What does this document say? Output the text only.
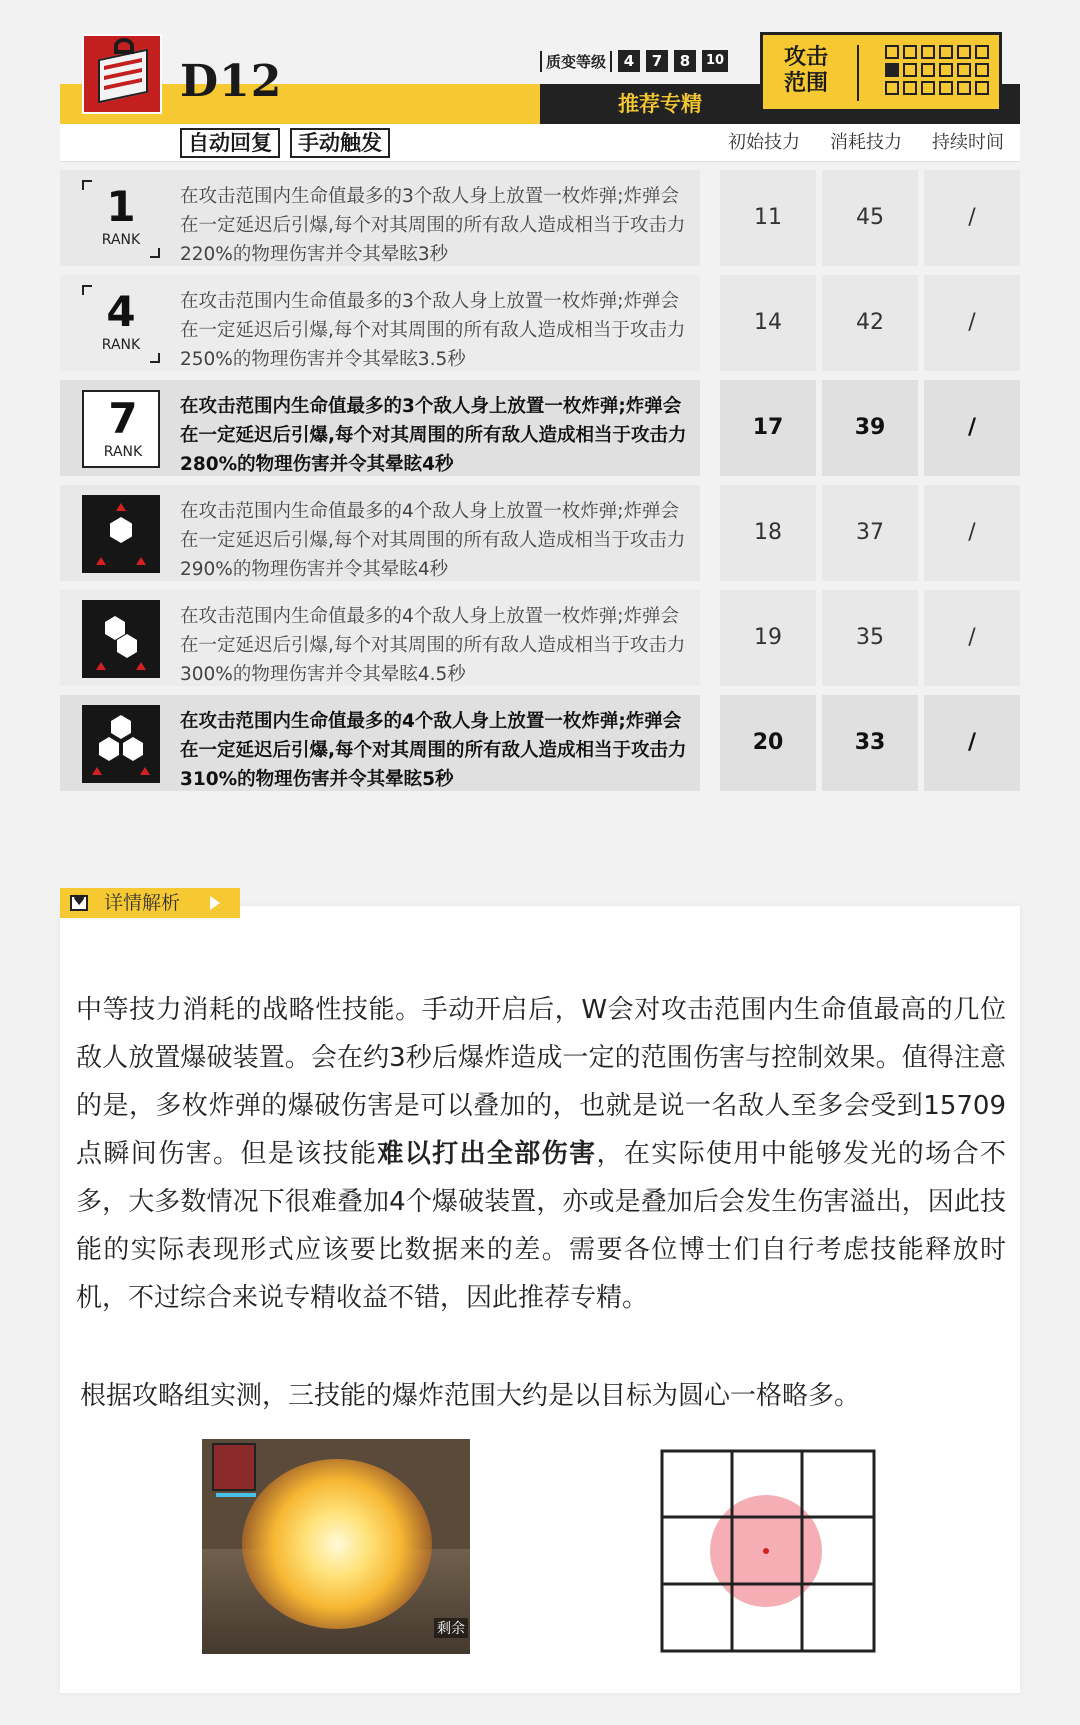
D12
自动回复	手动触发
质变等级	4	7	8	10
推荐专精
攻击范围
初始技力 消耗技力 持续时间
1
RANK
在攻击范围内生命值最多的3个敌人身上放置一枚炸弹;炸弹会在一定延迟后引爆,每个对其周围的所有敌人造成相当于攻击力220%的物理伤害并令其晕眩3秒
11	45	/
4
RANK
在攻击范围内生命值最多的3个敌人身上放置一枚炸弹;炸弹会在一定延迟后引爆,每个对其周围的所有敌人造成相当于攻击力250%的物理伤害并令其晕眩3.5秒
14	42	/
7
RANK
在攻击范围内生命值最多的3个敌人身上放置一枚炸弹;炸弹会在一定延迟后引爆,每个对其周围的所有敌人造成相当于攻击力280%的物理伤害并令其晕眩4秒
17	39	/
在攻击范围内生命值最多的4个敌人身上放置一枚炸弹;炸弹会在一定延迟后引爆,每个对其周围的所有敌人造成相当于攻击力290%的物理伤害并令其晕眩4秒
18	37	/
在攻击范围内生命值最多的4个敌人身上放置一枚炸弹;炸弹会在一定延迟后引爆,每个对其周围的所有敌人造成相当于攻击力300%的物理伤害并令其晕眩4.5秒
19	35	/
在攻击范围内生命值最多的4个敌人身上放置一枚炸弹;炸弹会在一定延迟后引爆,每个对其周围的所有敌人造成相当于攻击力310%的物理伤害并令其晕眩5秒
20	33	/
中等技力消耗的战略性技能。手动开启后，W会对攻击范围内生命值最高的几位敌人放置爆破装置。会在约3秒后爆炸造成一定的范围伤害与控制效果。值得注意的是，多枚炸弹的爆破伤害是可以叠加的，也就是说一名敌人至多会受到15709点瞬间伤害。但是该技能难以打出全部伤害，在实际使用中能够发光的场合不多，大多数情况下很难叠加4个爆破装置，亦或是叠加后会发生伤害溢出，因此技能的实际表现形式应该要比数据来的差。需要各位博士们自行考虑技能释放时机，不过综合来说专精收益不错，因此推荐专精。
根据攻略组实测，三技能的爆炸范围大约是以目标为圆心一格略多。
剩余
♥
详情解析
